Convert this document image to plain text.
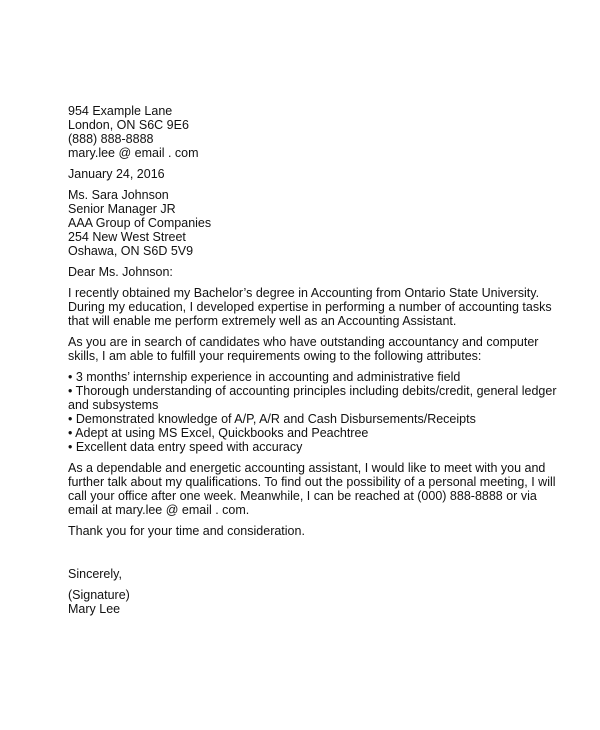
954 Example Lane
London, ON S6C 9E6
(888) 888-8888
mary.lee @ email . com
January 24, 2016
Ms. Sara Johnson
Senior Manager JR
AAA Group of Companies
254 New West Street
Oshawa, ON S6D 5V9
Dear Ms. Johnson:
I recently obtained my Bachelor’s degree in Accounting from Ontario State University.
During my education, I developed expertise in performing a number of accounting tasks
that will enable me perform extremely well as an Accounting Assistant.
As you are in search of candidates who have outstanding accountancy and computer
skills, I am able to fulfill your requirements owing to the following attributes:
• 3 months’ internship experience in accounting and administrative field
• Thorough understanding of accounting principles including debits/credit, general ledger
and subsystems
• Demonstrated knowledge of A/P, A/R and Cash Disbursements/Receipts
• Adept at using MS Excel, Quickbooks and Peachtree
• Excellent data entry speed with accuracy
As a dependable and energetic accounting assistant, I would like to meet with you and
further talk about my qualifications. To find out the possibility of a personal meeting, I will
call your office after one week. Meanwhile, I can be reached at (000) 888-8888 or via
email at mary.lee @ email . com.
Thank you for your time and consideration.
Sincerely,
(Signature)
Mary Lee
